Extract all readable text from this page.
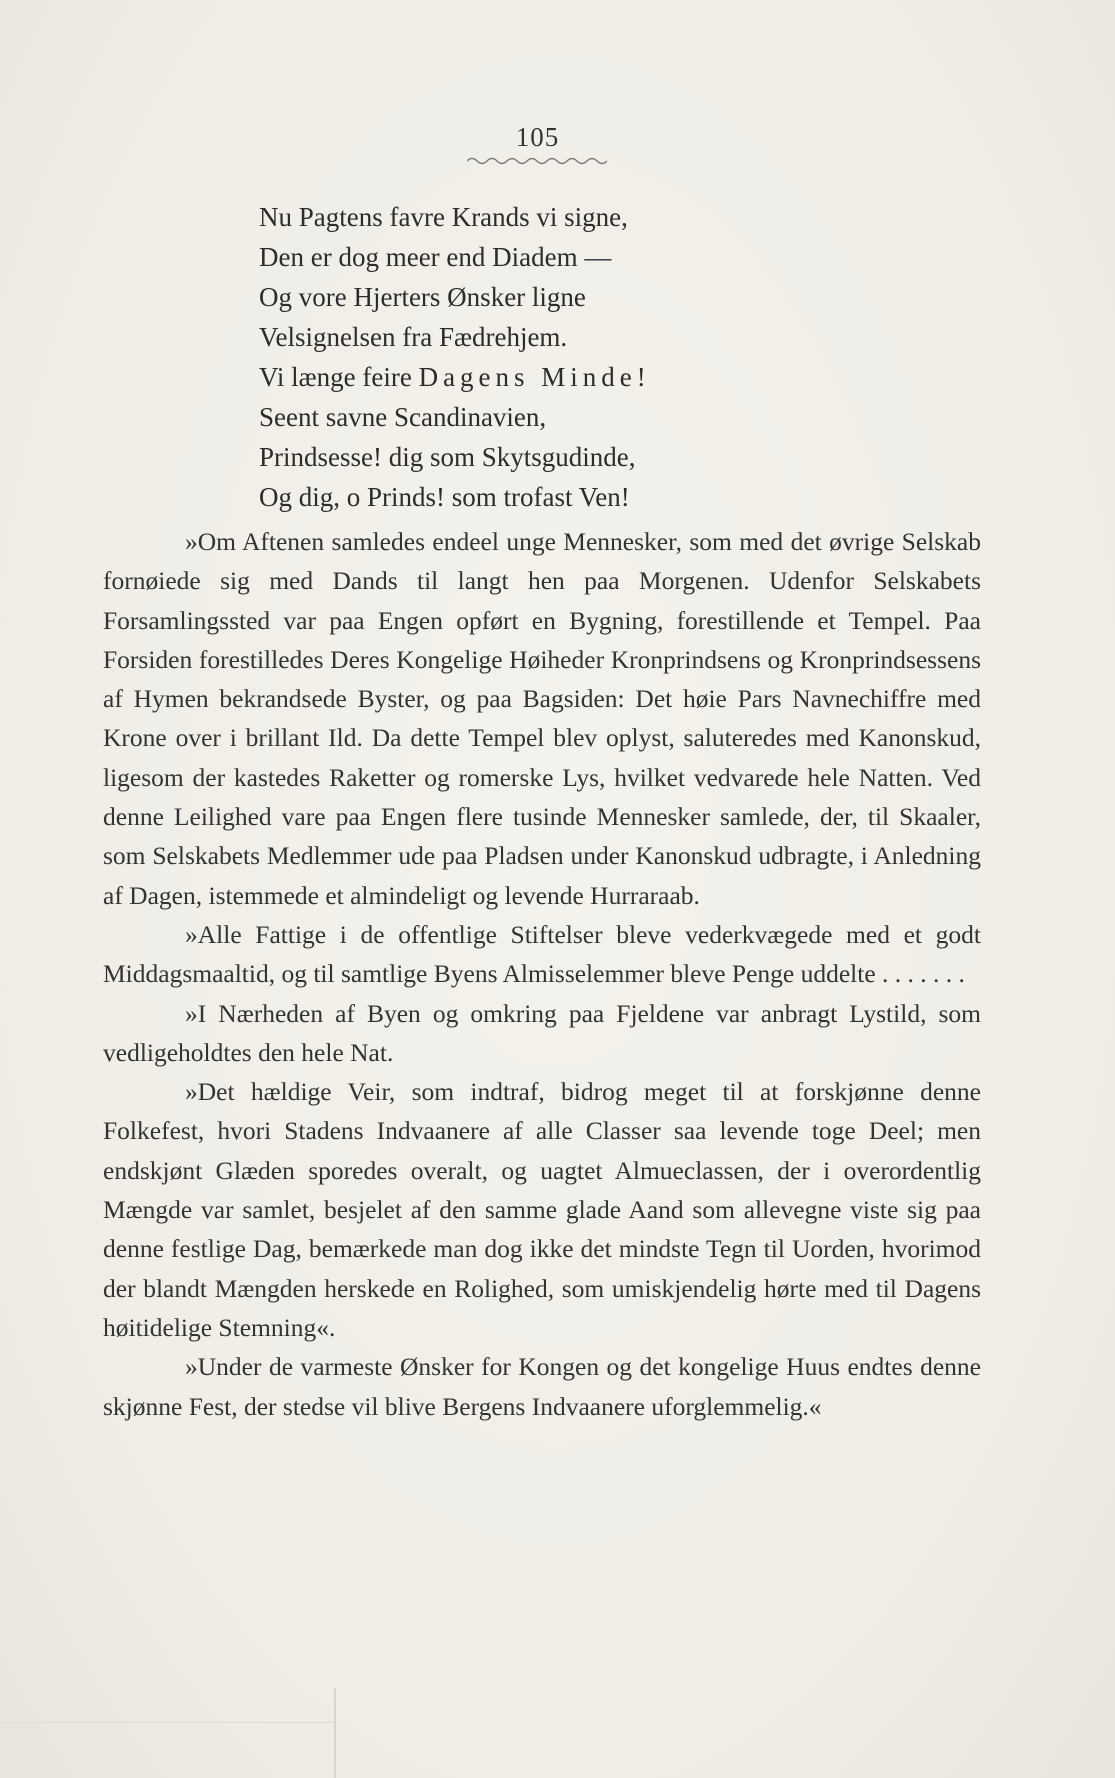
105
Nu Pagtens favre Krands vi signe,
Den er dog meer end Diadem —
Og vore Hjerters Ønsker ligne
Velsignelsen fra Fædrehjem.
Vi længe feire Dagens Minde!
Seent savne Scandinavien,
Prindsesse! dig som Skytsgudinde,
Og dig, o Prinds! som trofast Ven!

»Om Aftenen samledes endeel unge Mennesker, som med det øvrige Selskab fornøiede sig med Dands til langt hen paa Morgenen. Udenfor Selskabets Forsamlingssted var paa Engen opført en Bygning, forestillende et Tempel. Paa Forsiden forestilledes Deres Kongelige Høiheder Kronprindsens og Kronprindsessens af Hymen bekrandsede Byster, og paa Bagsiden: Det høie Pars Navnechiffre med Krone over i brillant Ild. Da dette Tempel blev oplyst, saluteredes med Kanonskud, ligesom der kastedes Raketter og romerske Lys, hvilket vedvarede hele Natten. Ved denne Leilighed vare paa Engen flere tusinde Mennesker samlede, der, til Skaaler, som Selskabets Medlemmer ude paa Pladsen under Kanonskud udbragte, i Anledning af Dagen, istemmede et almindeligt og levende Hurraraab.

»Alle Fattige i de offentlige Stiftelser bleve vederkvægede med et godt Middagsmaaltid, og til samtlige Byens Almisselemmer bleve Penge uddelte . . . . . . .

»I Nærheden af Byen og omkring paa Fjeldene var anbragt Lystild, som vedligeholdtes den hele Nat.

»Det hældige Veir, som indtraf, bidrog meget til at forskjønne denne Folkefest, hvori Stadens Indvaanere af alle Classer saa levende toge Deel; men endskjønt Glæden sporedes overalt, og uagtet Almueclassen, der i overordentlig Mængde var samlet, besjelet af den samme glade Aand som allevegne viste sig paa denne festlige Dag, bemærkede man dog ikke det mindste Tegn til Uorden, hvorimod der blandt Mængden herskede en Rolighed, som umiskjendelig hørte med til Dagens høitidelige Stemning«.

»Under de varmeste Ønsker for Kongen og det kongelige Huus endtes denne skjønne Fest, der stedse vil blive Bergens Indvaanere uforglemmelig.«
